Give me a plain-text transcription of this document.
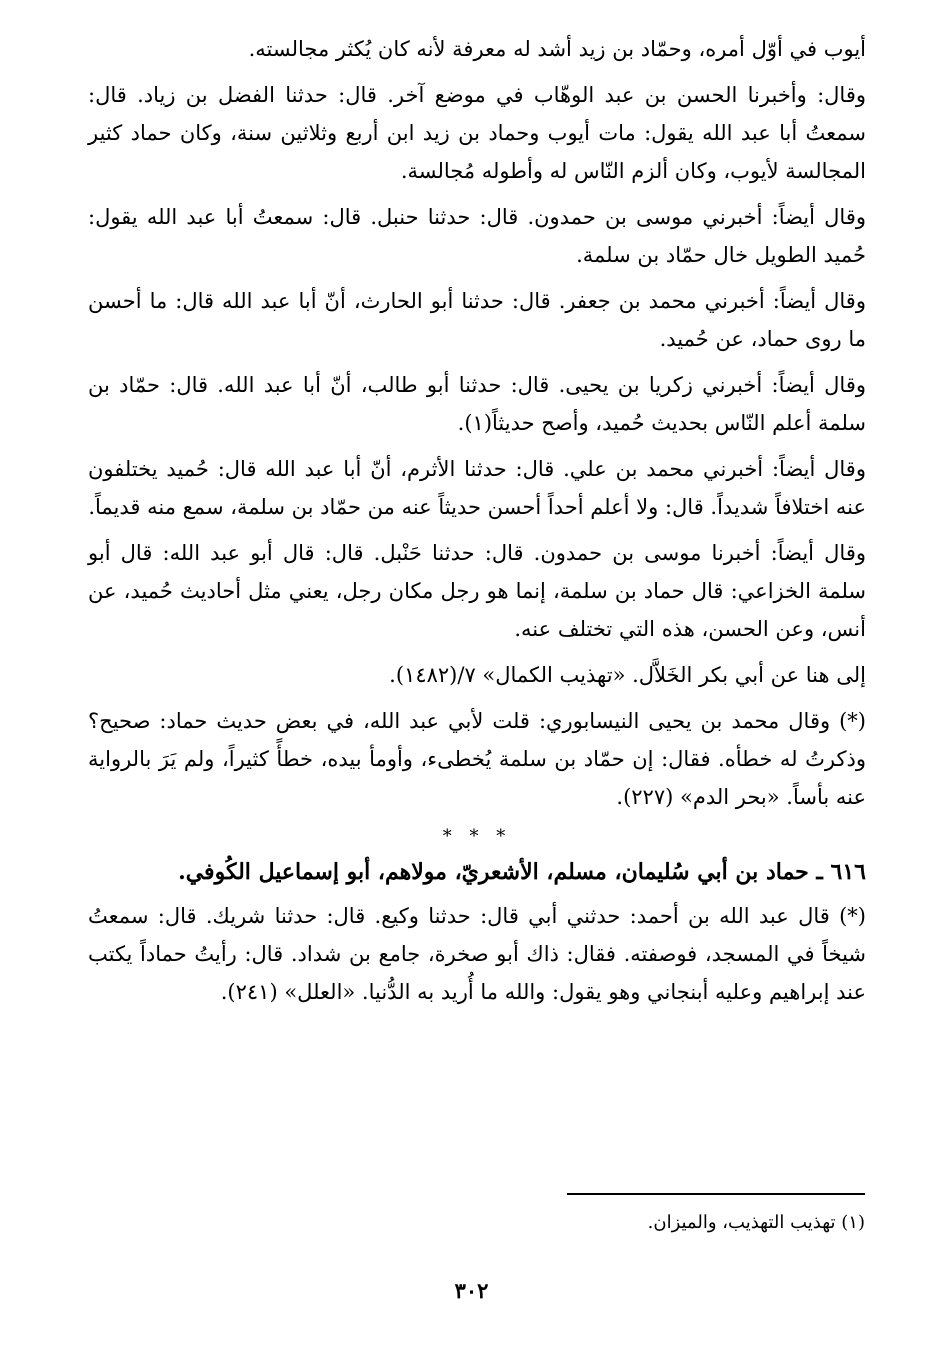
أيوب في أوّل أمره، وحمّاد بن زيد أشد له معرفة لأنه كان يُكثر مجالسته.

وقال: وأخبرنا الحسن بن عبد الوهّاب في موضع آخر. قال: حدثنا الفضل بن زياد. قال: سمعتُ أبا عبد الله يقول: مات أيوب وحماد بن زيد ابن أربع وثلاثين سنة، وكان حماد كثير المجالسة لأيوب، وكان ألزم النّاس له وأطوله مُجالسة.

وقال أيضاً: أخبرني موسى بن حمدون. قال: حدثنا حنبل. قال: سمعتُ أبا عبد الله يقول: حُميد الطويل خال حمّاد بن سلمة.

وقال أيضاً: أخبرني محمد بن جعفر. قال: حدثنا أبو الحارث، أنّ أبا عبد الله قال: ما أحسن ما روى حماد، عن حُميد.

وقال أيضاً: أخبرني زكريا بن يحيى. قال: حدثنا أبو طالب، أنّ أبا عبد الله. قال: حمّاد بن سلمة أعلم النّاس بحديث حُميد، وأصح حديثاً(١).

وقال أيضاً: أخبرني محمد بن علي. قال: حدثنا الأثرم، أنّ أبا عبد الله قال: حُميد يختلفون عنه اختلافاً شديداً. قال: ولا أعلم أحداً أحسن حديثاً عنه من حمّاد بن سلمة، سمع منه قديماً.

وقال أيضاً: أخبرنا موسى بن حمدون. قال: حدثنا حَنْبل. قال: قال أبو عبد الله: قال أبو سلمة الخزاعي: قال حماد بن سلمة، إنما هو رجل مكان رجل، يعني مثل أحاديث حُميد، عن أنس، وعن الحسن، هذه التي تختلف عنه.

إلى هنا عن أبي بكر الخَلاَّل. «تهذيب الكمال» ٧/(١٤٨٢).

(*) وقال محمد بن يحيى النيسابوري: قلت لأبي عبد الله، في بعض حديث حماد: صحيح؟ وذكرتُ له خطأه. فقال: إن حمّاد بن سلمة يُخطىء، وأومأ بيده، خطأً كثيراً، ولم يَرَ بالرواية عنه بأساً. «بحر الدم» (٢٢٧).

* * *

٦١٦ ـ حماد بن أبي سُليمان، مسلم، الأشعريّ، مولاهم، أبو إسماعيل الكُوفي.

(*) قال عبد الله بن أحمد: حدثني أبي قال: حدثنا وكيع. قال: حدثنا شريك. قال: سمعتُ شيخاً في المسجد، فوصفته. فقال: ذاك أبو صخرة، جامع بن شداد. قال: رأيتُ حماداً يكتب عند إبراهيم وعليه أبنجاني وهو يقول: والله ما أُريد به الدُّنيا. «العلل» (٢٤١).

(١) تهذيب التهذيب، والميزان.
٣٠٢
